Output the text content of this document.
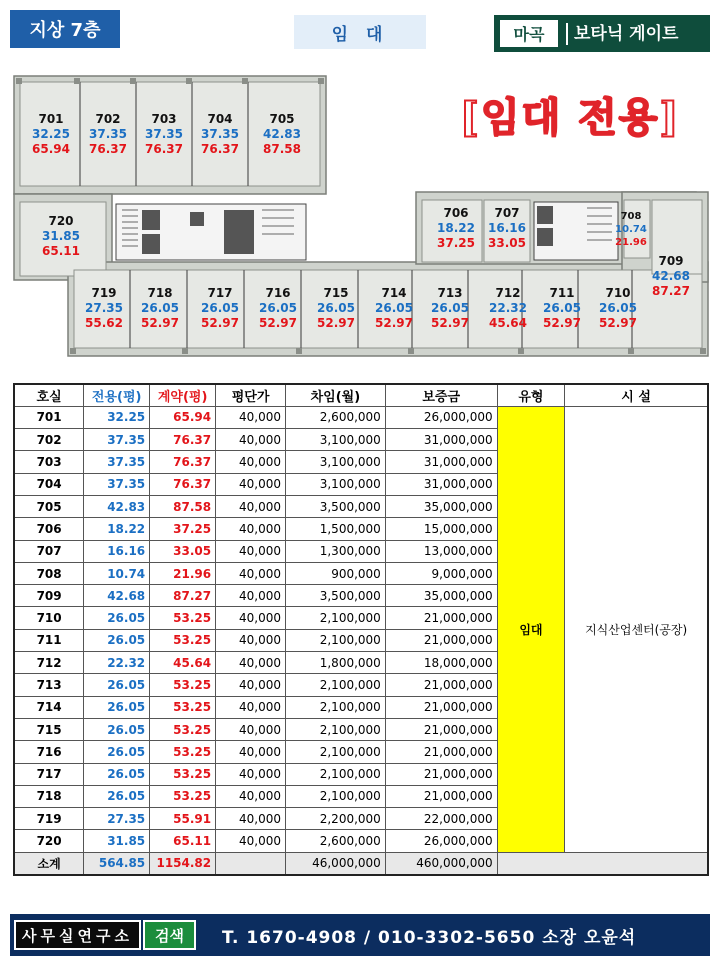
지상 7층	임 대	마곡	보타닉 게이트
[임대 전용]
701
32.25
65.94
702
37.35
76.37
703
37.35
76.37
704
37.35
76.37
705
42.83
87.58
706
18.22
37.25
707
16.16
33.05
708
10.74
21.96
709
42.68
87.27
710
26.05
52.97
711
26.05
52.97
712
22.32
45.64
713
26.05
52.97
714
26.05
52.97
715
26.05
52.97
716
26.05
52.97
717
26.05
52.97
718
26.05
52.97
719
27.35
55.62
720
31.85
65.11
호실	전용(평)	계약(평)	평단가	차임(월)	보증금	유형	시 설
701	32.25	65.94	40,000	2,600,000	26,000,000	임대	지식산업센터(공장)
702	37.35	76.37	40,000	3,100,000	31,000,000		
703	37.35	76.37	40,000	3,100,000	31,000,000		
704	37.35	76.37	40,000	3,100,000	31,000,000		
705	42.83	87.58	40,000	3,500,000	35,000,000		
706	18.22	37.25	40,000	1,500,000	15,000,000		
707	16.16	33.05	40,000	1,300,000	13,000,000		
708	10.74	21.96	40,000	900,000	9,000,000		
709	42.68	87.27	40,000	3,500,000	35,000,000		
710	26.05	53.25	40,000	2,100,000	21,000,000		
711	26.05	53.25	40,000	2,100,000	21,000,000		
712	22.32	45.64	40,000	1,800,000	18,000,000		
713	26.05	53.25	40,000	2,100,000	21,000,000		
714	26.05	53.25	40,000	2,100,000	21,000,000		
715	26.05	53.25	40,000	2,100,000	21,000,000		
716	26.05	53.25	40,000	2,100,000	21,000,000		
717	26.05	53.25	40,000	2,100,000	21,000,000		
718	26.05	53.25	40,000	2,100,000	21,000,000		
719	27.35	55.91	40,000	2,200,000	22,000,000		
720	31.85	65.11	40,000	2,600,000	26,000,000		
소계	564.85	1154.82		46,000,000	460,000,000		
사무실연구소	검색	T. 1670-4908 / 010-3302-5650 소장 오윤석
